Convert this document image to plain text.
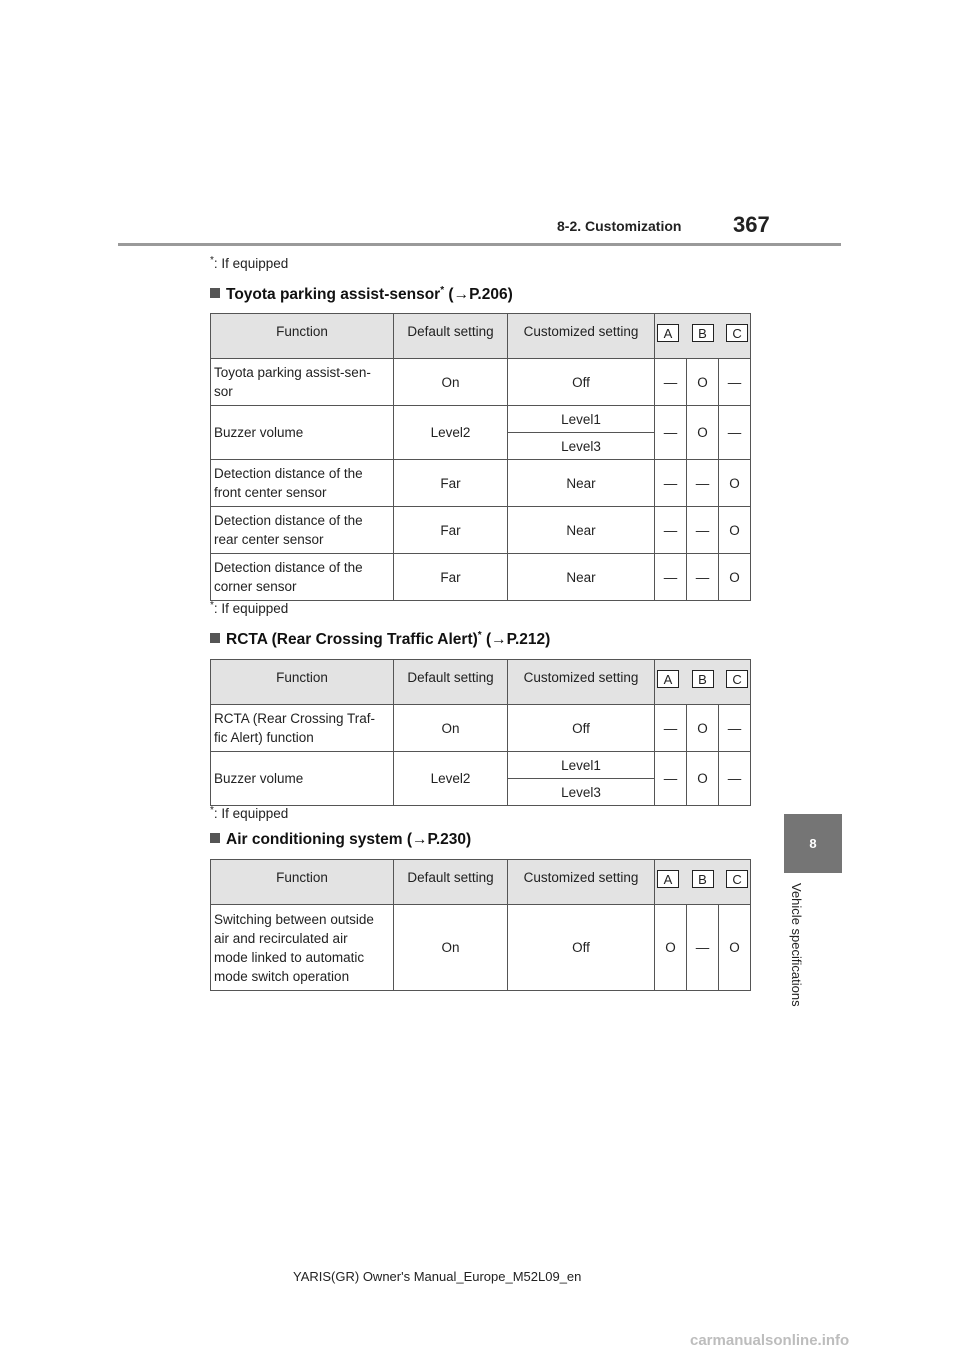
8-2. Customization 367
8
Vehicle specifications
*: If equipped
Toyota parking assist-sensor* (→P.206)
Function	Default setting	Customized setting	A B C		

Toyota parking assist-sen-
sor	On	Off	—	O	—
Buzzer volume	Level2	Level1	—	O	—
		Level3			
Detection distance of the
front center sensor	Far	Near	—	—	O
Detection distance of the
rear center sensor	Far	Near	—	—	O
Detection distance of the
corner sensor	Far	Near	—	—	O
*: If equipped
RCTA (Rear Crossing Traffic Alert)* (→P.212)
Function	Default setting	Customized setting	A B C		

RCTA (Rear Crossing Traf-
fic Alert) function	On	Off	—	O	—
Buzzer volume	Level2	Level1	—	O	—
		Level3			
*: If equipped
Air conditioning system (→P.230)
Function	Default setting	Customized setting	A B C		

Switching between outside
air and recirculated air
mode linked to automatic
mode switch operation	On	Off	O	—	O
YARIS(GR) Owner's Manual_Europe_M52L09_en
carmanualsonline.info
